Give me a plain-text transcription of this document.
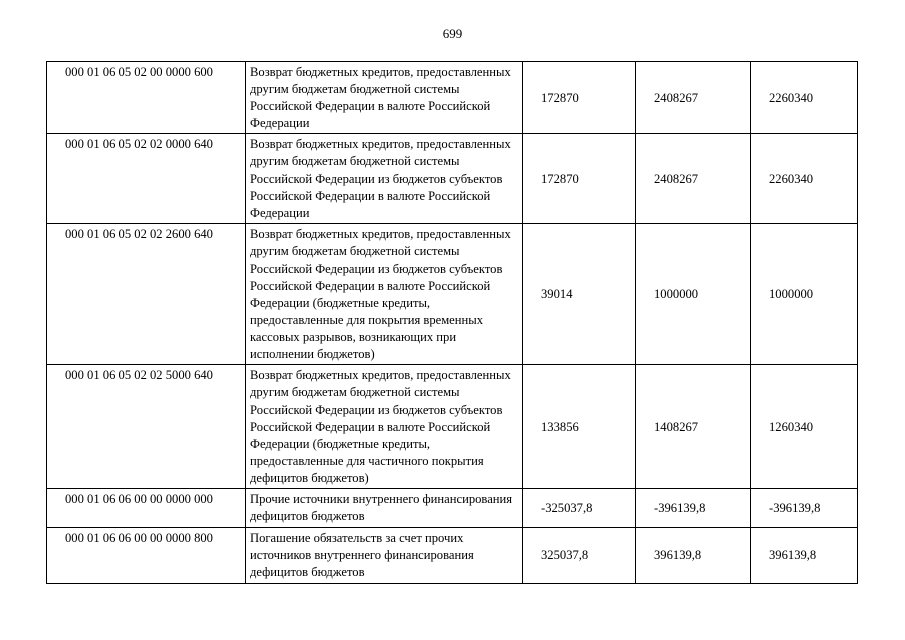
699
000 01 06 05 02 00 0000 600	Возврат бюджетных кредитов, предоставленных другим бюджетам бюджетной системы Российской Федерации в валюте Российской Федерации	172870	2408267	2260340
000 01 06 05 02 02 0000 640	Возврат бюджетных кредитов, предоставленных другим бюджетам бюджетной системы Российской Федерации из бюджетов субъектов Российской Федерации в валюте Российской Федерации	172870	2408267	2260340
000 01 06 05 02 02 2600 640	Возврат бюджетных кредитов, предоставленных другим бюджетам бюджетной системы Российской Федерации из бюджетов субъектов Российской Федерации в валюте Российской Федерации (бюджетные кредиты, предоставленные для покрытия временных кассовых разрывов, возникающих при исполнении бюджетов)	39014	1000000	1000000
000 01 06 05 02 02 5000 640	Возврат бюджетных кредитов, предоставленных другим бюджетам бюджетной системы Российской Федерации из бюджетов субъектов Российской Федерации в валюте Российской Федерации (бюджетные кредиты, предоставленные для частичного покрытия дефицитов бюджетов)	133856	1408267	1260340
000 01 06 06 00 00 0000 000	Прочие источники внутреннего финансирования дефицитов бюджетов	-325037,8	-396139,8	-396139,8
000 01 06 06 00 00 0000 800	Погашение обязательств за счет прочих источников внутреннего финансирования дефицитов бюджетов	325037,8	396139,8	396139,8
